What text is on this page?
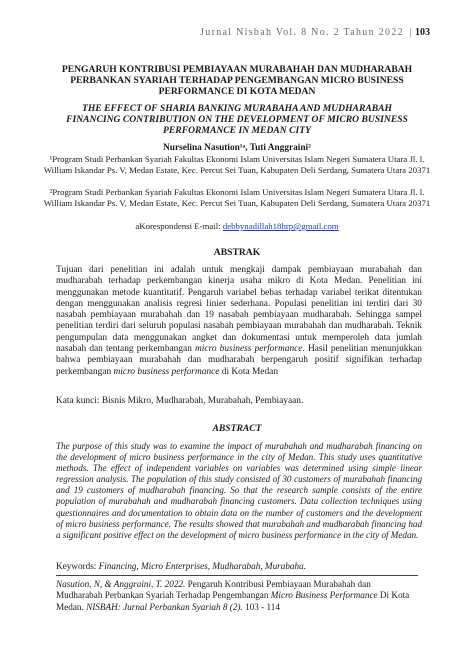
Jurnal Nisbah Vol. 8 No. 2 Tahun 2022 | 103
PENGARUH KONTRIBUSI PEMBIAYAAN MURABAHAH DAN MUDHARABAH PERBANKAN SYARIAH TERHADAP PENGEMBANGAN MICRO BUSINESS PERFORMANCE DI KOTA MEDAN
THE EFFECT OF SHARIA BANKING MURABAHA AND MUDHARABAH FINANCING CONTRIBUTION ON THE DEVELOPMENT OF MICRO BUSINESS PERFORMANCE IN MEDAN CITY
Nurselina Nasution¹ᵃ, Tuti Anggraini²
¹Program Studi Perbankan Syariah Fakultas Ekonomi Islam Universitas Islam Negeri Sumatera Utara Jl. l. William Iskandar Ps. V, Medan Estate, Kec. Percut Sei Tuan, Kabupaten Deli Serdang, Sumatera Utara 20371
²Program Studi Perbankan Syariah Fakultas Ekonomi Islam Universitas Islam Negeri Sumatera Utara Jl. l. William Iskandar Ps. V, Medan Estate, Kec. Percut Sei Tuan, Kabupaten Deli Serdang, Sumatera Utara 20371
aKorespondensi E-mail: debbynadillah18hrp@gmail.com
ABSTRAK
Tujuan dari penelitian ini adalah untuk mengkaji dampak pembiayaan murabahah dan mudharabah terhadap perkembangan kinerja usaha mikro di Kota Medan. Penelitian ini menggunakan metode kuantitatif. Pengaruh variabel bebas terhadap variabel terikat ditentukan dengan menggunakan analisis regresi linier sederhana. Populasi penelitian ini terdiri dari 30 nasabah pembiayaan murabahah dan 19 nasabah pembiayaan mudharabah. Sehingga sampel penelitian terdiri dari seluruh populasi nasabah pembiayaan murabahah dan mudharabah. Teknik pengumpulan data menggunakan angket dan dokumentasi untuk memperoleh data jumlah nasabah dan tentang perkembangan micro business performance. Hasil penelitian menunjukkan bahwa pembiayaan murabahah dan mudharabah berpengaruh positif signifikan terhadap perkembangan micro business performance di Kota Medan
Kata kunci: Bisnis Mikro, Mudharabah, Murabahah, Pembiayaan.
ABSTRACT
The purpose of this study was to examine the impact of murabahah and mudharabah financing on the development of micro business performance in the city of Medan. This study uses quantitative methods. The effect of independent variables on variables was determined using simple linear regression analysis. The population of this study consisted of 30 customers of murabahah financing and 19 customers of mudharabah financing. So that the research sample consists of the entire population of murabahah and mudharabah financing customers. Data collection techniques using questionnaires and documentation to obtain data on the number of customers and the development of micro business performance. The results showed that murabahah and mudharabah financing had a significant positive effect on the development of micro business performance in the city of Medan.
Keywords: Financing, Micro Enterprises, Mudharabah, Murabaha.
Nasution, N, & Anggraini, T. 2022. Pengaruh Kontribusi Pembiayaan Murabahah dan Mudharabah Perbankan Syariah Terhadap Pengembangan Micro Business Performance Di Kota Medan. NISBAH: Jurnal Perbankan Syariah 8 (2). 103 - 114
